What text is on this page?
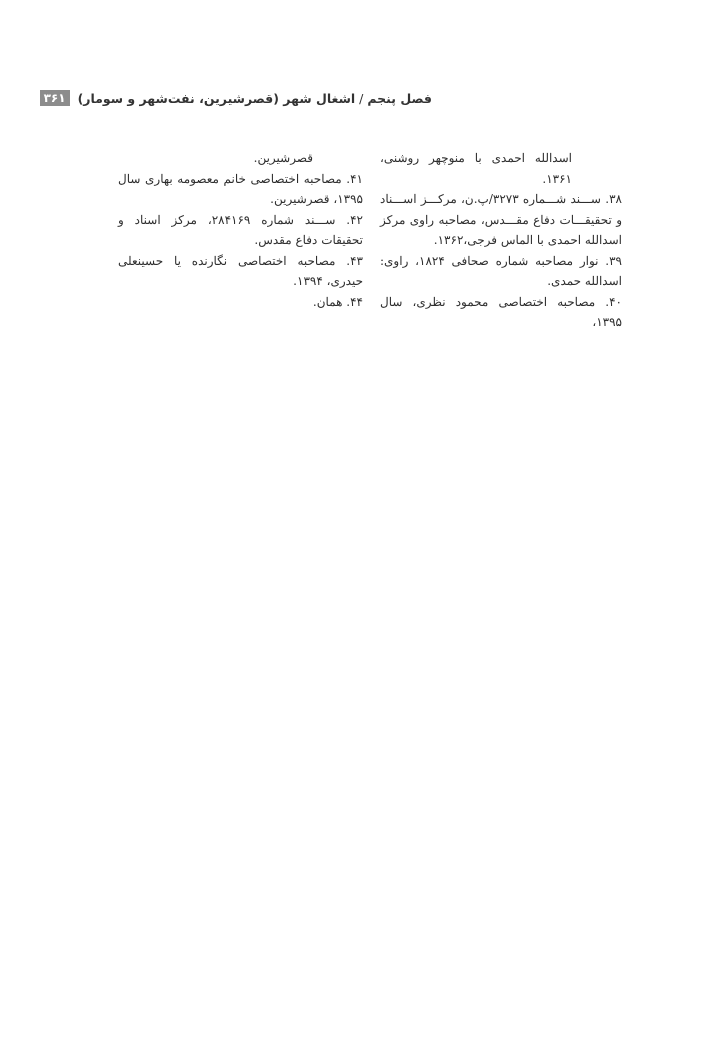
فصل پنجم
/
اشغال شهر (قصرشیرین، نفت‌شهر و سومار)
۳۶۱

اسدالله احمدی با منوچهر روشنی، ۱۳۶۱.

۳۸. ســـند شـــماره ۳۲۷۳/پ.ن، مرکـــز اســـناد و تحقیقـــات دفاع مقـــدس، مصاحبه راوی مرکز اسدالله احمدی با الماس فرجی،۱۳۶۲.

۳۹. نوار مصاحبه شماره صحافی ۱۸۲۴، راوی: اسدالله حمدی.

۴۰. مصاحبه اختصاصی محمود نظری، سال ۱۳۹۵،

قصرشیرین.

۴۱. مصاحبه اختصاصی خانم معصومه بهاری سال ۱۳۹۵، قصرشیرین.

۴۲. ســـند شماره ۲۸۴۱۶۹، مرکز اسناد و تحقیقات دفاع مقدس.

۴۳. مصاحبه اختصاصی نگارنده یا حسینعلی حیدری، ۱۳۹۴.

۴۴. همان.
